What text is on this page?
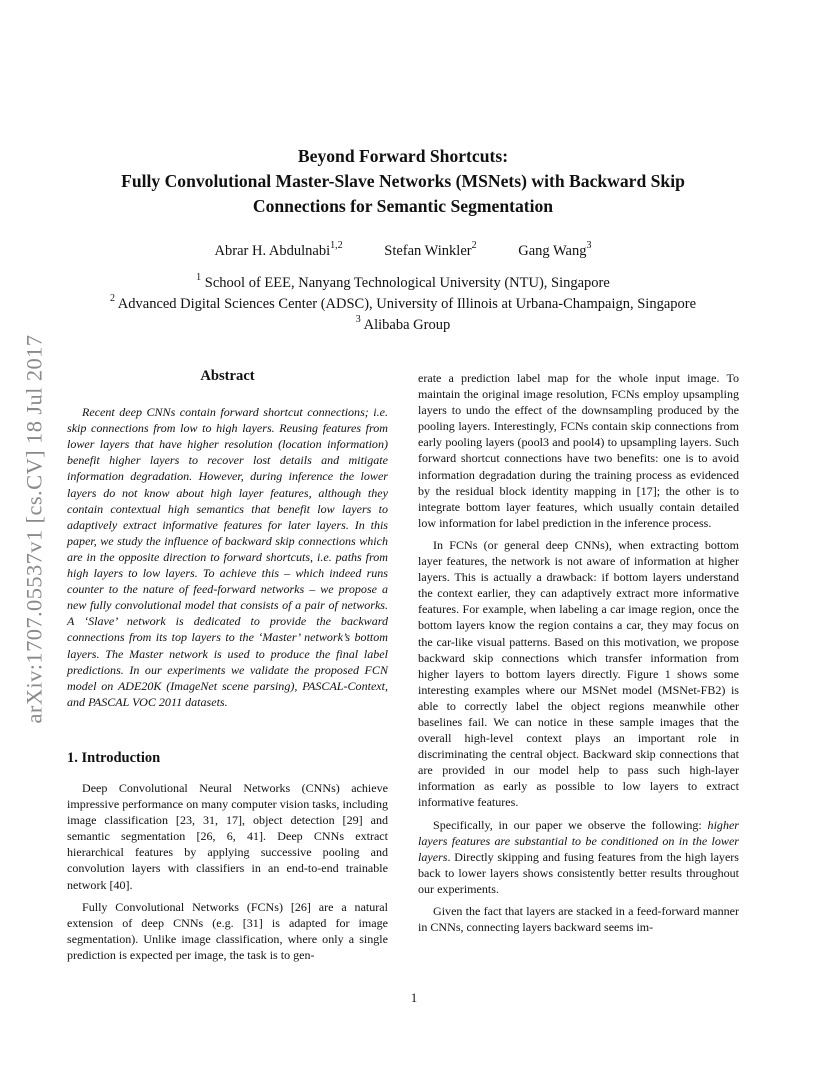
arXiv:1707.05537v1 [cs.CV] 18 Jul 2017
Beyond Forward Shortcuts:
Fully Convolutional Master-Slave Networks (MSNets) with Backward Skip
Connections for Semantic Segmentation
Abrar H. Abdulnabi$^{1,2}$	Stefan Winkler$^2$	Gang Wang$^3$
$^1$ School of EEE, Nanyang Technological University (NTU), Singapore
$^2$ Advanced Digital Sciences Center (ADSC), University of Illinois at Urbana-Champaign, Singapore
$^3$ Alibaba Group
Abstract

Recent deep CNNs contain forward shortcut connections; i.e. skip connections from low to high layers. Reusing features from lower layers that have higher resolution (location information) benefit higher layers to recover lost details and mitigate information degradation. However, during inference the lower layers do not know about high layer features, although they contain contextual high semantics that benefit low layers to adaptively extract informative features for later layers. In this paper, we study the influence of backward skip connections which are in the opposite direction to forward shortcuts, i.e. paths from high layers to low layers. To achieve this – which indeed runs counter to the nature of feed-forward networks – we propose a new fully convolutional model that consists of a pair of networks. A ‘Slave’ network is dedicated to provide the backward connections from its top layers to the ‘Master’ network’s bottom layers. The Master network is used to produce the final label predictions. In our experiments we validate the proposed FCN model on ADE20K (ImageNet scene parsing), PASCAL-Context, and PASCAL VOC 2011 datasets.

1. Introduction

Deep Convolutional Neural Networks (CNNs) achieve impressive performance on many computer vision tasks, including image classification [23, 31, 17], object detection [29] and semantic segmentation [26, 6, 41]. Deep CNNs extract hierarchical features by applying successive pooling and convolution layers with classifiers in an end-to-end trainable network [40].

Fully Convolutional Networks (FCNs) [26] are a natural extension of deep CNNs (e.g. [31] is adapted for image segmentation). Unlike image classification, where only a single prediction is expected per image, the task is to gen-

erate a prediction label map for the whole input image. To maintain the original image resolution, FCNs employ upsampling layers to undo the effect of the downsampling produced by the pooling layers. Interestingly, FCNs contain skip connections from early pooling layers (pool3 and pool4) to upsampling layers. Such forward shortcut connections have two benefits: one is to avoid information degradation during the training process as evidenced by the residual block identity mapping in [17]; the other is to integrate bottom layer features, which usually contain detailed low information for label prediction in the inference process.

In FCNs (or general deep CNNs), when extracting bottom layer features, the network is not aware of information at higher layers. This is actually a drawback: if bottom layers understand the context earlier, they can adaptively extract more informative features. For example, when labeling a car image region, once the bottom layers know the region contains a car, they may focus on the car-like visual patterns. Based on this motivation, we propose backward skip connections which transfer information from higher layers to bottom layers directly. Figure 1 shows some interesting examples where our MSNet model (MSNet-FB2) is able to correctly label the object regions meanwhile other baselines fail. We can notice in these sample images that the overall high-level context plays an important role in discriminating the central object. Backward skip connections that are provided in our model help to pass such high-layer information as early as possible to low layers to extract informative features.

Specifically, in our paper we observe the following: higher layers features are substantial to be conditioned on in the lower layers. Directly skipping and fusing features from the high layers back to lower layers shows consistently better results throughout our experiments.

Given the fact that layers are stacked in a feed-forward manner in CNNs, connecting layers backward seems im-

1
